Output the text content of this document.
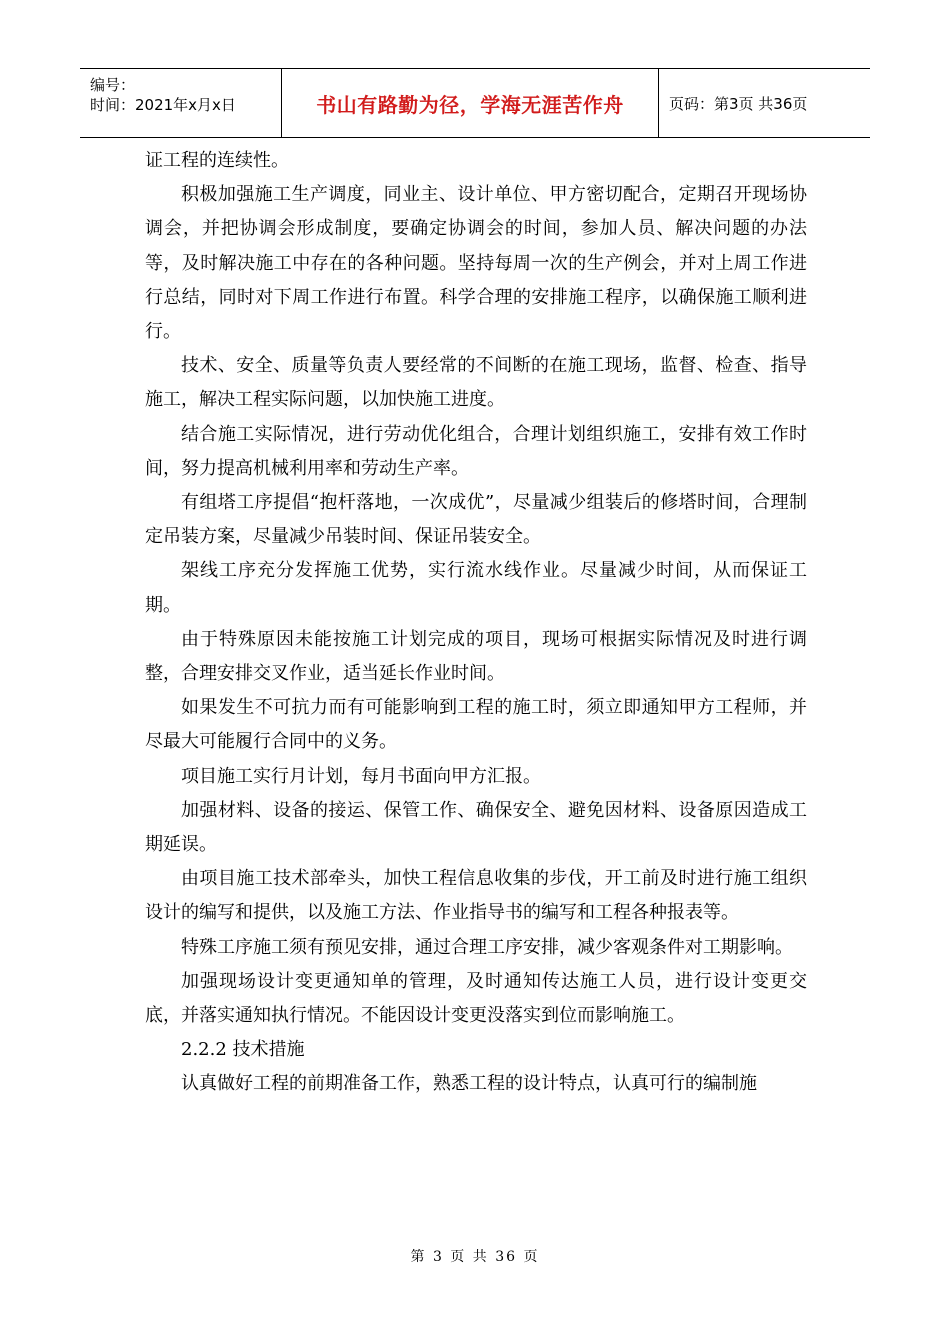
编号：
时间：2021年x月x日	书山有路勤为径，学海无涯苦作舟	页码：第3页 共36页

证工程的连续性。

积极加强施工生产调度，同业主、设计单位、甲方密切配合，定期召开现场协调会，并把协调会形成制度，要确定协调会的时间，参加人员、解决问题的办法等，及时解决施工中存在的各种问题。坚持每周一次的生产例会，并对上周工作进行总结，同时对下周工作进行布置。科学合理的安排施工程序，以确保施工顺利进行。

技术、安全、质量等负责人要经常的不间断的在施工现场，监督、检查、指导施工，解决工程实际问题，以加快施工进度。

结合施工实际情况，进行劳动优化组合，合理计划组织施工，安排有效工作时间，努力提高机械利用率和劳动生产率。

有组塔工序提倡“抱杆落地，一次成优”，尽量减少组装后的修塔时间，合理制定吊装方案，尽量减少吊装时间、保证吊装安全。

架线工序充分发挥施工优势，实行流水线作业。尽量减少时间，从而保证工期。

由于特殊原因未能按施工计划完成的项目，现场可根据实际情况及时进行调整，合理安排交叉作业，适当延长作业时间。

如果发生不可抗力而有可能影响到工程的施工时，须立即通知甲方工程师，并尽最大可能履行合同中的义务。

项目施工实行月计划，每月书面向甲方汇报。

加强材料、设备的接运、保管工作、确保安全、避免因材料、设备原因造成工期延误。

由项目施工技术部牵头，加快工程信息收集的步伐，开工前及时进行施工组织设计的编写和提供，以及施工方法、作业指导书的编写和工程各种报表等。

特殊工序施工须有预见安排，通过合理工序安排，减少客观条件对工期影响。

加强现场设计变更通知单的管理，及时通知传达施工人员，进行设计变更交底，并落实通知执行情况。不能因设计变更没落实到位而影响施工。

2.2.2 技术措施

认真做好工程的前期准备工作，熟悉工程的设计特点，认真可行的编制施

第 3 页 共 36 页
